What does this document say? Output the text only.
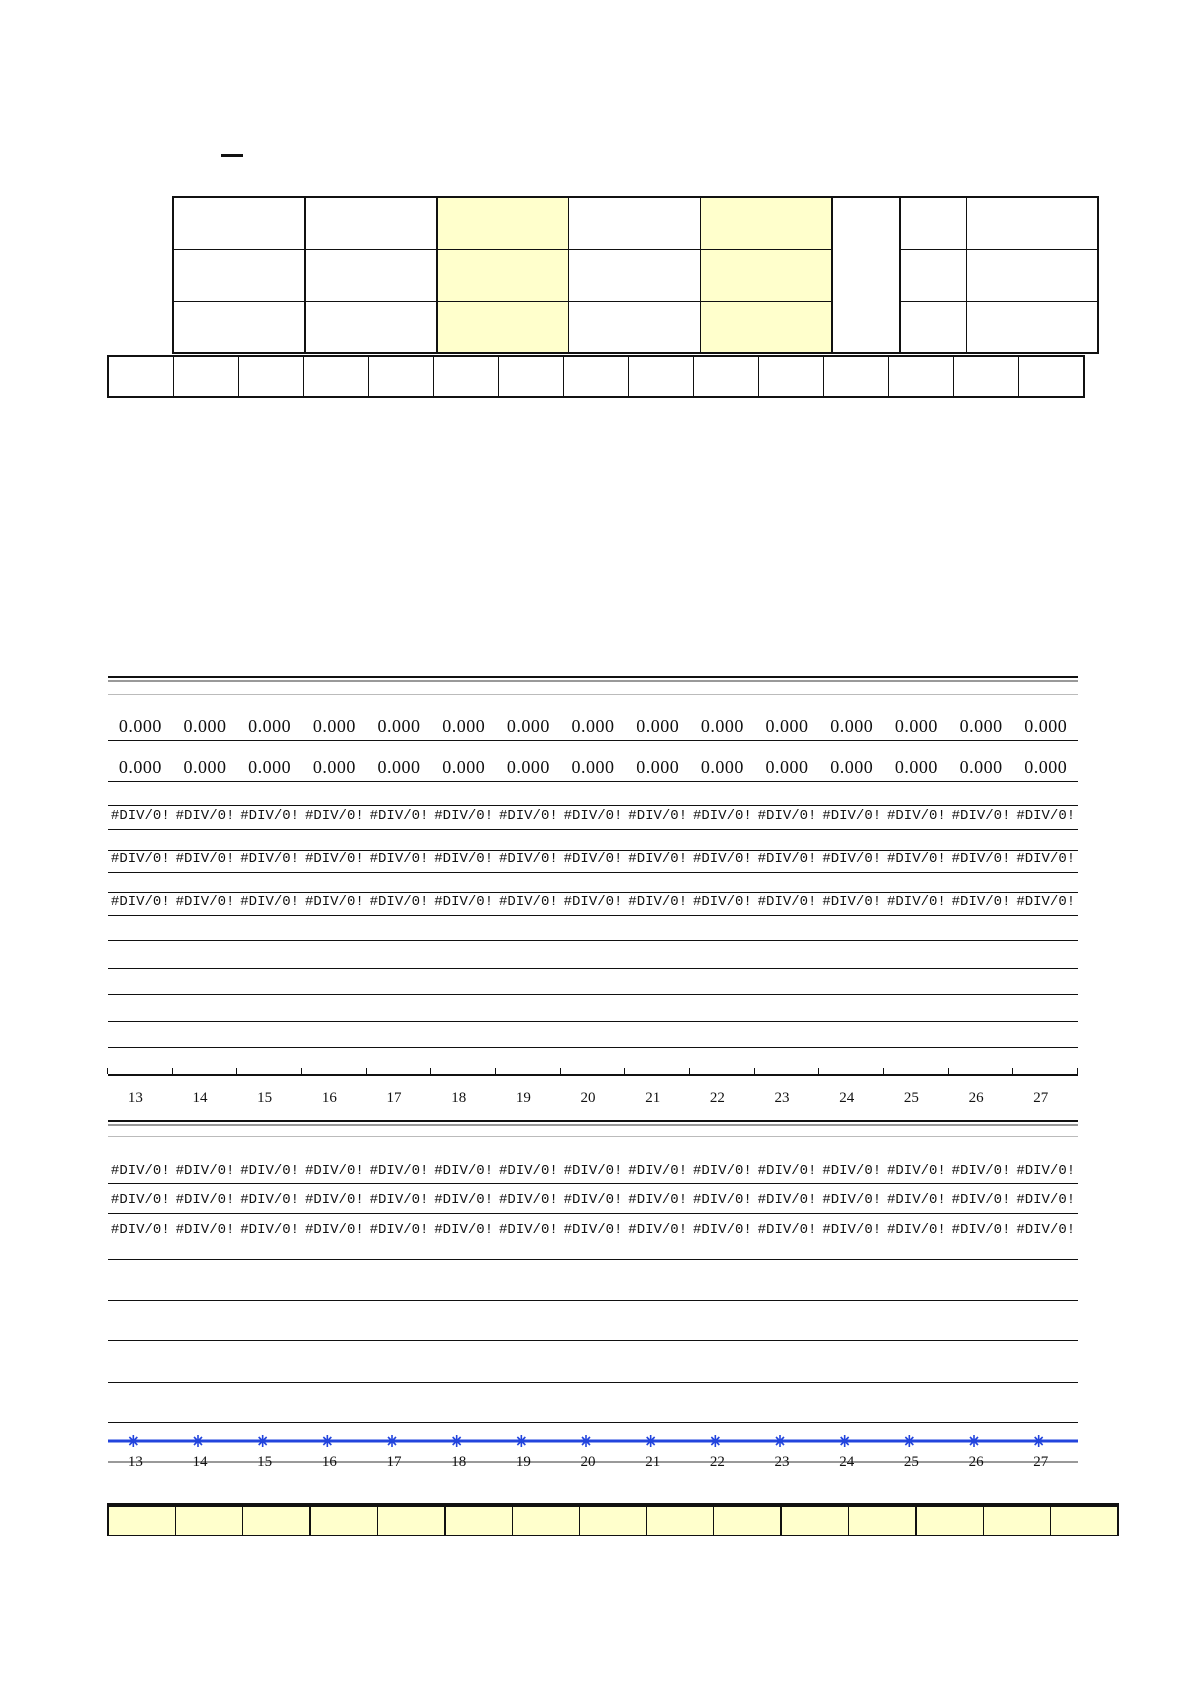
0.000	0.000	0.000	0.000	0.000	0.000	0.000	0.000	0.000	0.000	0.000	0.000	0.000	0.000	0.000
0.000	0.000	0.000	0.000	0.000	0.000	0.000	0.000	0.000	0.000	0.000	0.000	0.000	0.000	0.000
#DIV/0! #DIV/0! #DIV/0! #DIV/0! #DIV/0! #DIV/0! #DIV/0! #DIV/0! #DIV/0! #DIV/0! #DIV/0! #DIV/0! #DIV/0! #DIV/0! #DIV/0!
#DIV/0! #DIV/0! #DIV/0! #DIV/0! #DIV/0! #DIV/0! #DIV/0! #DIV/0! #DIV/0! #DIV/0! #DIV/0! #DIV/0! #DIV/0! #DIV/0! #DIV/0!
#DIV/0! #DIV/0! #DIV/0! #DIV/0! #DIV/0! #DIV/0! #DIV/0! #DIV/0! #DIV/0! #DIV/0! #DIV/0! #DIV/0! #DIV/0! #DIV/0! #DIV/0!
13	14	15	16	17	18	19	20	21	22	23	24	25	26	27
#DIV/0! #DIV/0! #DIV/0! #DIV/0! #DIV/0! #DIV/0! #DIV/0! #DIV/0! #DIV/0! #DIV/0! #DIV/0! #DIV/0! #DIV/0! #DIV/0! #DIV/0!
#DIV/0! #DIV/0! #DIV/0! #DIV/0! #DIV/0! #DIV/0! #DIV/0! #DIV/0! #DIV/0! #DIV/0! #DIV/0! #DIV/0! #DIV/0! #DIV/0! #DIV/0!
#DIV/0! #DIV/0! #DIV/0! #DIV/0! #DIV/0! #DIV/0! #DIV/0! #DIV/0! #DIV/0! #DIV/0! #DIV/0! #DIV/0! #DIV/0! #DIV/0! #DIV/0!
13	14	15	16	17	18	19	20	21	22	23	24	25	26	27
